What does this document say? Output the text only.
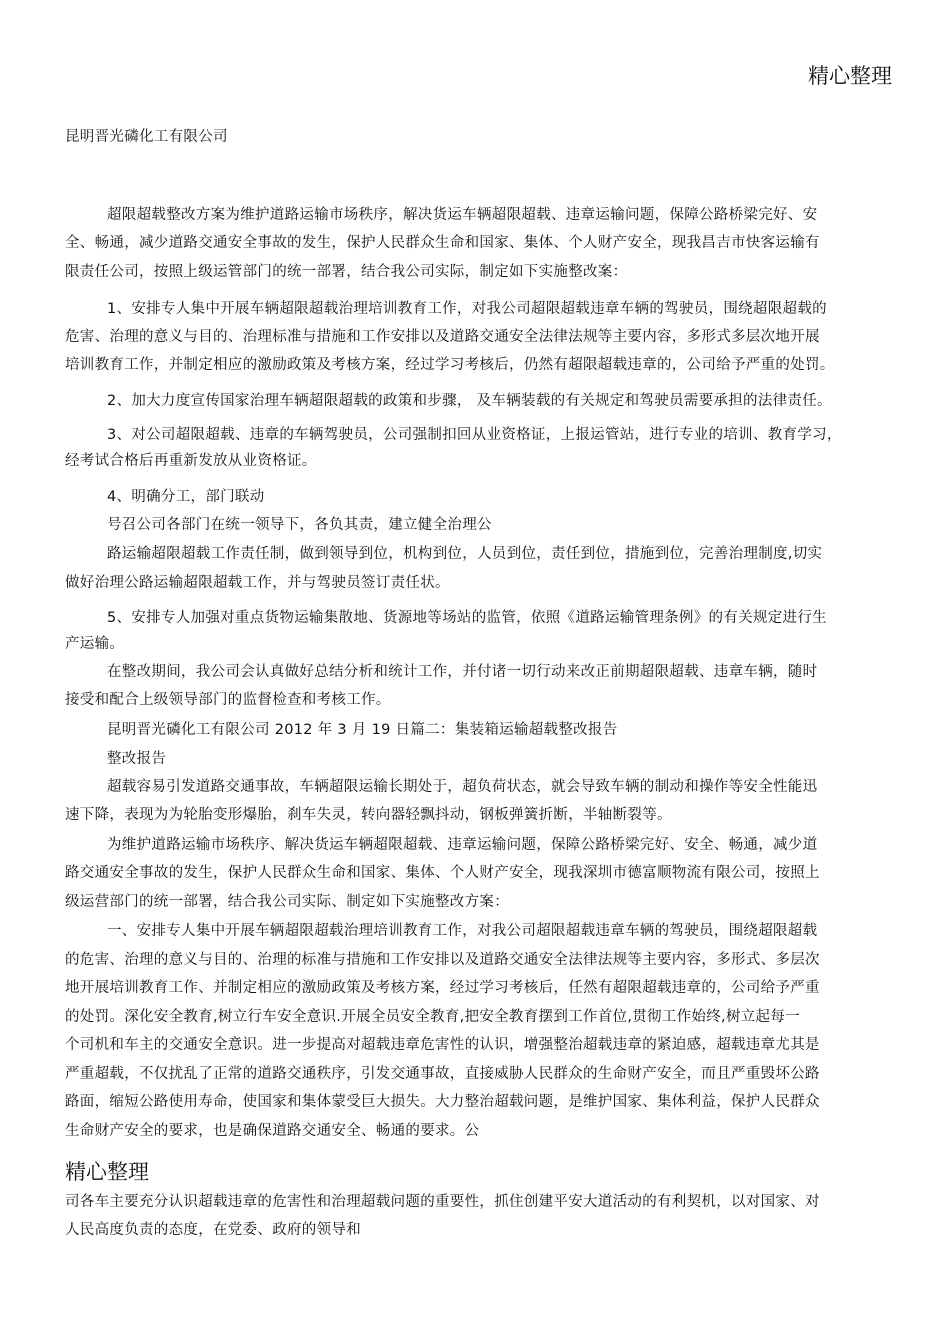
精心整理
昆明晋光磷化工有限公司
超限超载整改方案为维护道路运输市场秩序，解决货运车辆超限超载、违章运输问题，保障公路桥梁完好、安
全、畅通，减少道路交通安全事故的发生，保护人民群众生命和国家、集体、个人财产安全，现我昌吉市快客运输有
限责任公司，按照上级运管部门的统一部署，结合我公司实际，制定如下实施整改案：
1、安排专人集中开展车辆超限超载治理培训教育工作，对我公司超限超载违章车辆的驾驶员，围绕超限超载的
危害、治理的意义与目的、治理标准与措施和工作安排以及道路交通安全法律法规等主要内容，多形式多层次地开展
培训教育工作，并制定相应的激励政策及考核方案，经过学习考核后，仍然有超限超载违章的，公司给予严重的处罚。
2、加大力度宣传国家治理车辆超限超载的政策和步骤， 及车辆装载的有关规定和驾驶员需要承担的法律责任。
3、对公司超限超载、违章的车辆驾驶员，公司强制扣回从业资格证，上报运管站，进行专业的培训、教育学习，
经考试合格后再重新发放从业资格证。
4、明确分工，部门联动
号召公司各部门在统一领导下，各负其责，建立健全治理公
路运输超限超载工作责任制，做到领导到位，机构到位，人员到位，责任到位，措施到位，完善治理制度,切实
做好治理公路运输超限超载工作，并与驾驶员签订责任状。
5、安排专人加强对重点货物运输集散地、货源地等场站的监管，依照《道路运输管理条例》的有关规定进行生
产运输。
在整改期间，我公司会认真做好总结分析和统计工作，并付诸一切行动来改正前期超限超载、违章车辆，随时
接受和配合上级领导部门的监督检查和考核工作。
昆明晋光磷化工有限公司 2012 年 3 月 19 日篇二：集装箱运输超载整改报告
整改报告
超载容易引发道路交通事故，车辆超限运输长期处于，超负荷状态，就会导致车辆的制动和操作等安全性能迅
速下降，表现为为轮胎变形爆胎，刹车失灵，转向器轻飘抖动，钢板弹簧折断，半轴断裂等。
为维护道路运输市场秩序、解决货运车辆超限超载、违章运输问题，保障公路桥梁完好、安全、畅通，减少道
路交通安全事故的发生，保护人民群众生命和国家、集体、个人财产安全，现我深圳市德富顺物流有限公司，按照上
级运营部门的统一部署，结合我公司实际、制定如下实施整改方案：
一、安排专人集中开展车辆超限超载治理培训教育工作，对我公司超限超载违章车辆的驾驶员，围绕超限超载
的危害、治理的意义与目的、治理的标准与措施和工作安排以及道路交通安全法律法规等主要内容，多形式、多层次
地开展培训教育工作、并制定相应的激励政策及考核方案，经过学习考核后，任然有超限超载违章的，公司给予严重
的处罚。深化安全教育,树立行车安全意识.开展全员安全教育,把安全教育摆到工作首位,贯彻工作始终,树立起每一
个司机和车主的交通安全意识。进一步提高对超载违章危害性的认识，增强整治超载违章的紧迫感，超载违章尤其是
严重超载，不仅扰乱了正常的道路交通秩序，引发交通事故，直接威胁人民群众的生命财产安全，而且严重毁坏公路
路面，缩短公路使用寿命，使国家和集体蒙受巨大损失。大力整治超载问题，是维护国家、集体利益，保护人民群众
生命财产安全的要求，也是确保道路交通安全、畅通的要求。公
精心整理
司各车主要充分认识超载违章的危害性和治理超载问题的重要性，抓住创建平安大道活动的有利契机，以对国家、对
人民高度负责的态度，在党委、政府的领导和
